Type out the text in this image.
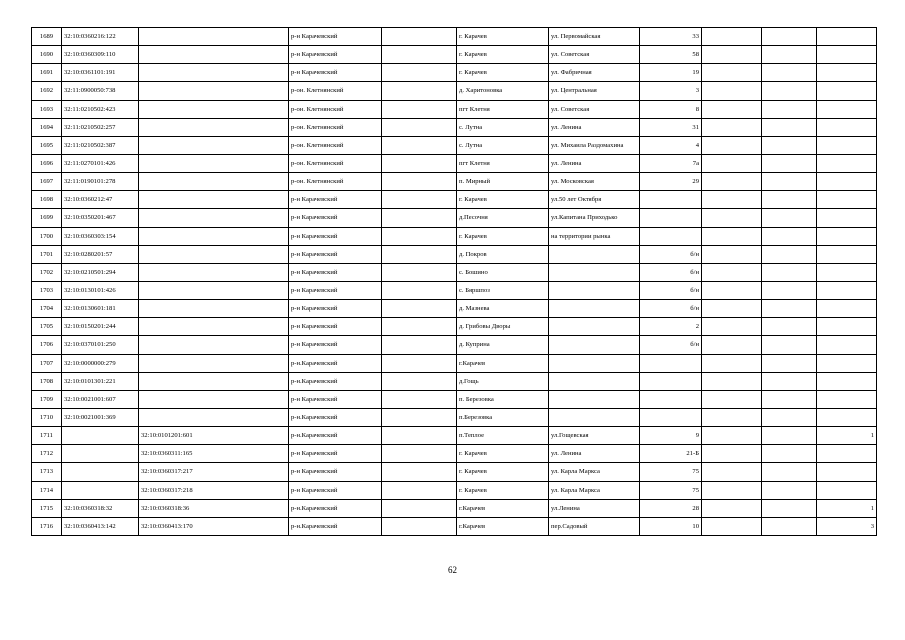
1689	32:10:0360216:122		р-н Карачевский		г. Карачев	ул. Первомайская	33			
1690	32:10:0360309:110		р-н Карачевский		г. Карачев	ул. Советская	58			
1691	32:10:0361101:191		р-н Карачевский		г. Карачев	ул. Фабричная	19			
1692	32:11:0900050:738		р-он. Клетнянский		д. Харитоновка	ул. Центральная	3			
1693	32:11:0210502:423		р-он. Клетнянский		пгт Клетня	ул. Советская	8			
1694	32:11:0210502:257		р-он. Клетнянский		с. Лутна	ул. Ленина	31			
1695	32:11:0210502:387		р-он. Клетнянский		с. Лутна	ул. Михаила Раздомахина	4			
1696	32:11:0270101:426		р-он. Клетнянский		пгт Клетня	ул. Ленина	7а			
1697	32:11:0190101:278		р-он. Клетнянский		п. Мирный	ул. Московская	29			
1698	32:10:0360212:47		р-н Карачевский		г. Карачев	ул.50 лет Октября				
1699	32:10:0350201:467		р-н Карачевский		д.Песочня	ул.Капитана Приходько				
1700	32:10:0360303:154		р-н Карачевский		г. Карачев	на территории рынка				
1701	32:10:0280201:57		р-н Карачевский		д. Покров		б/н			
1702	32:10:0210501:294		р-н Карачевский		с. Бошино		б/н			
1703	32:10:0130101:426		р-н Карачевский		с. Бяршпоз		б/н			
1704	32:10:0130601:181		р-н Карачевский		д. Мазнева		б/н			
1705	32:10:0150201:244		р-н Карачевский		д. Грибовы Дворы		2			
1706	32:10:0370101:250		р-н Карачевский		д. Куприна		б/н			
1707	32:10:0000000:279		р-н.Карачевский		г.Карачев					
1708	32:10:0101301:221		р-н.Карачевский		д.Гощь					
1709	32:10:0021001:607		р-н Карачевский		п. Березовка					
1710	32:10:0021001:369		р-н.Карачевский		п.Березовка					
1711		32:10:0101201:601	р-н.Карачевский		п.Теплое	ул.Гощевская	9			1
1712		32:10:0360311:165	р-н Карачевский		г. Карачев	ул. Ленина	21-Б			
1713		32:10:0360317:217	р-н Карачевский		г. Карачев	ул. Карла Маркса	75			
1714		32:10:0360317:218	р-н Карачевский		г. Карачев	ул. Карла Маркса	75			
1715	32:10:0360318:32	32:10:0360318:36	р-н.Карачевский		г.Карачев	ул.Ленина	28			1
1716	32:10:0360413:142	32:10:0360413:170	р-н.Карачевский		г.Карачев	пер.Садовый	10			3
62
